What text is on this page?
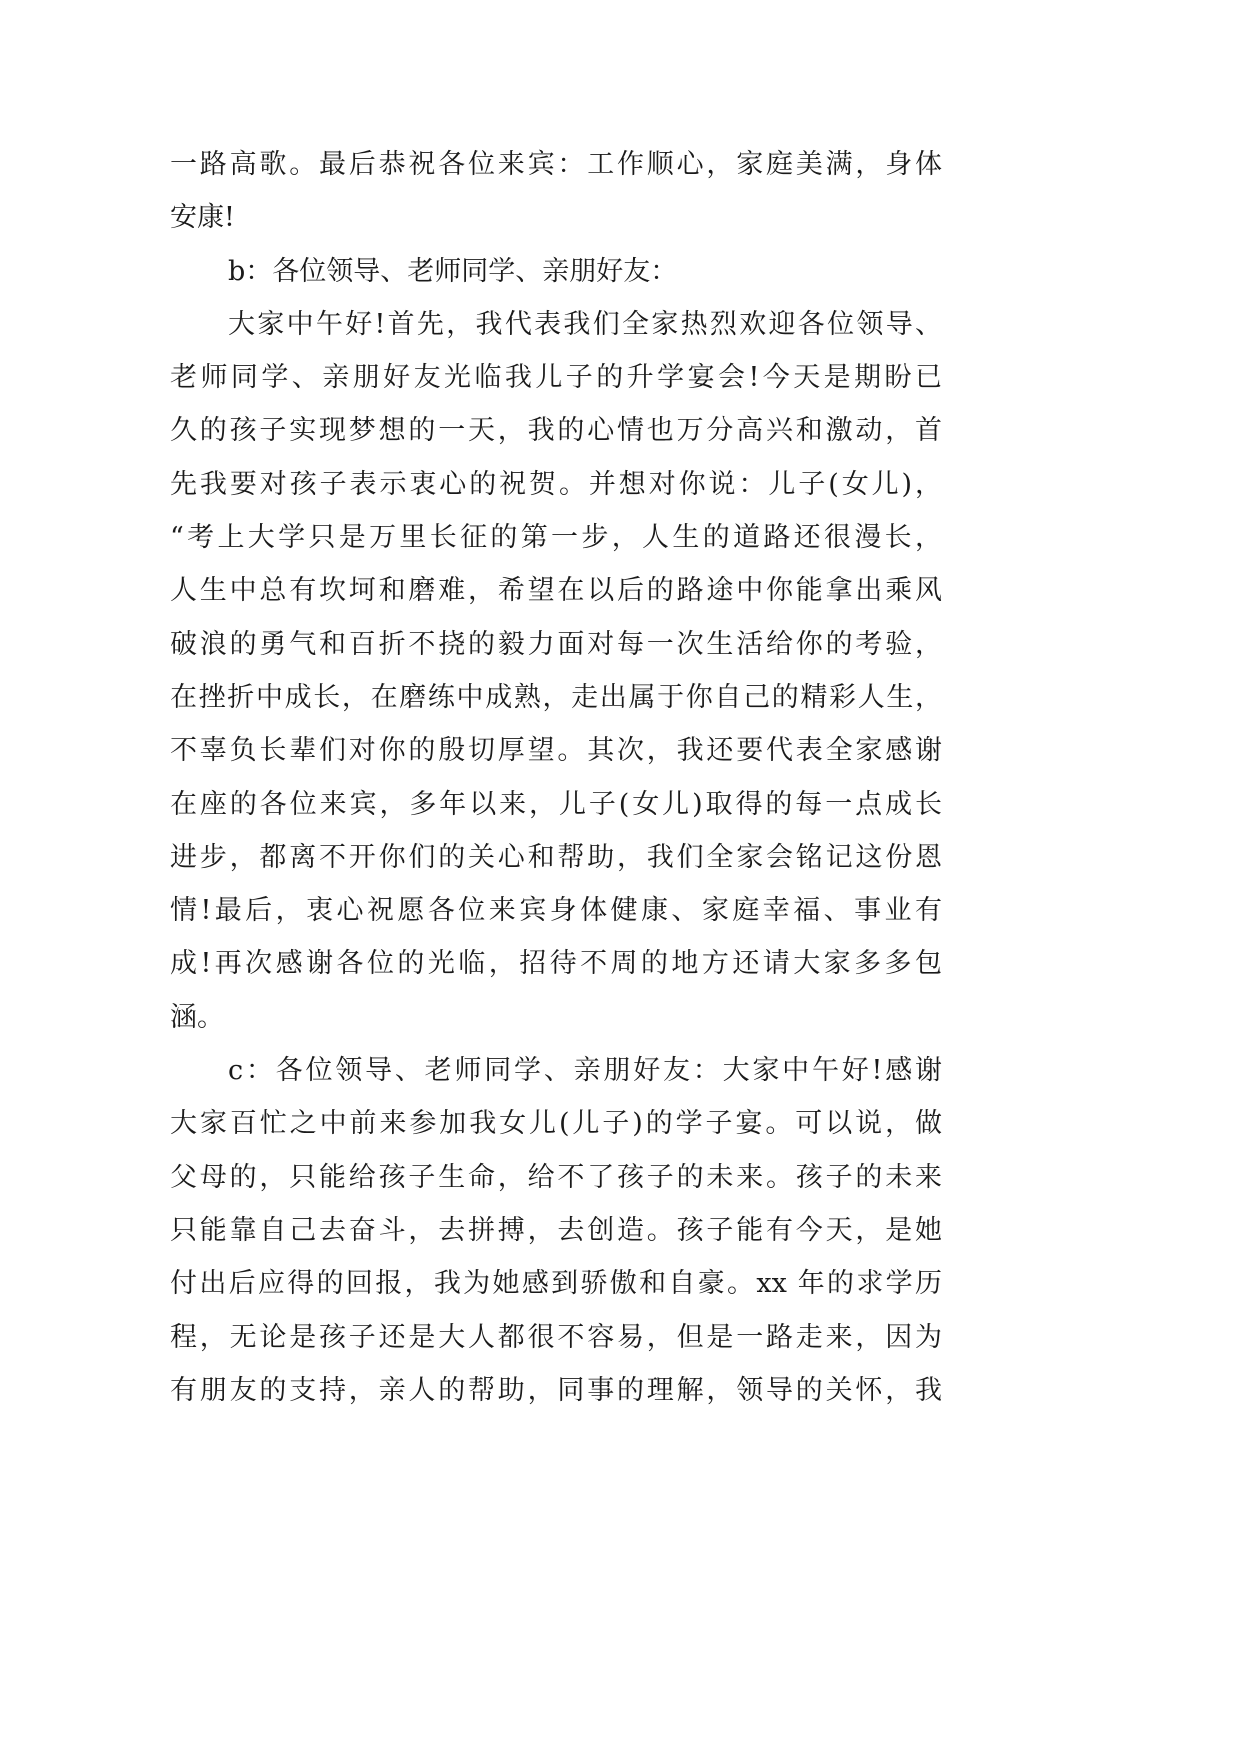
一路高歌。最后恭祝各位来宾：工作顺心，家庭美满，身体
安康!
b：各位领导、老师同学、亲朋好友：
大家中午好!首先，我代表我们全家热烈欢迎各位领导、
老师同学、亲朋好友光临我儿子的升学宴会!今天是期盼已
久的孩子实现梦想的一天，我的心情也万分高兴和激动，首
先我要对孩子表示衷心的祝贺。并想对你说：儿子(女儿)，
“考上大学只是万里长征的第一步，人生的道路还很漫长，
人生中总有坎坷和磨难，希望在以后的路途中你能拿出乘风
破浪的勇气和百折不挠的毅力面对每一次生活给你的考验，
在挫折中成长，在磨练中成熟，走出属于你自己的精彩人生，
不辜负长辈们对你的殷切厚望。其次，我还要代表全家感谢
在座的各位来宾，多年以来，儿子(女儿)取得的每一点成长
进步，都离不开你们的关心和帮助，我们全家会铭记这份恩
情!最后，衷心祝愿各位来宾身体健康、家庭幸福、事业有
成!再次感谢各位的光临，招待不周的地方还请大家多多包
涵。
c：各位领导、老师同学、亲朋好友：大家中午好!感谢
大家百忙之中前来参加我女儿(儿子)的学子宴。可以说，做
父母的，只能给孩子生命，给不了孩子的未来。孩子的未来
只能靠自己去奋斗，去拼搏，去创造。孩子能有今天，是她
付出后应得的回报，我为她感到骄傲和自豪。xx 年的求学历
程，无论是孩子还是大人都很不容易，但是一路走来，因为
有朋友的支持，亲人的帮助，同事的理解，领导的关怀，我
